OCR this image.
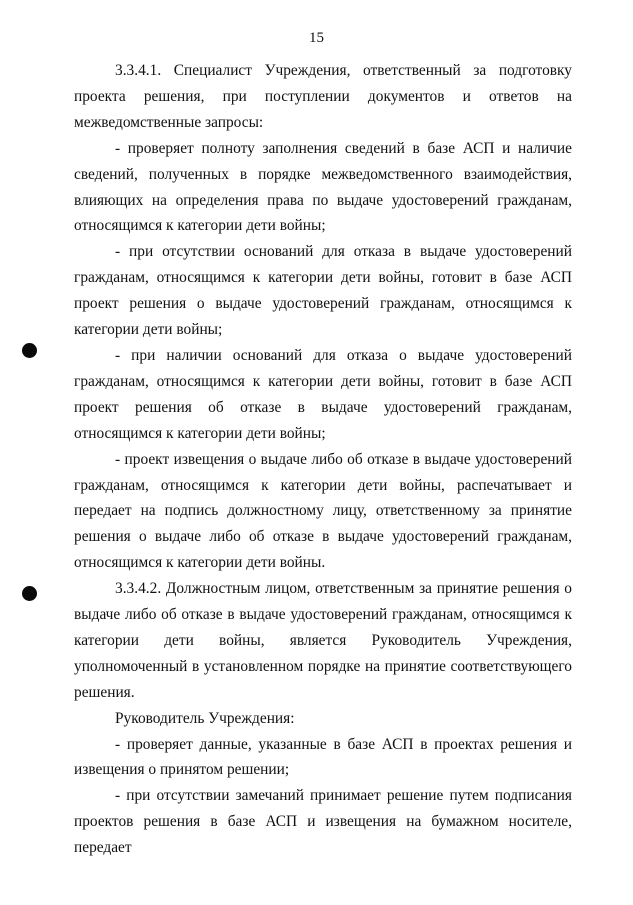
15

3.3.4.1. Специалист Учреждения, ответственный за подготовку проекта решения, при поступлении документов и ответов на межведомственные запросы:

- проверяет полноту заполнения сведений в базе АСП и наличие сведений, полученных в порядке межведомственного взаимодействия, влияющих на определения права по выдаче удостоверений гражданам, относящимся к категории дети войны;

- при отсутствии оснований для отказа в выдаче удостоверений гражданам, относящимся к категории дети войны, готовит в базе АСП проект решения о выдаче удостоверений гражданам, относящимся к категории дети войны;

- при наличии оснований для отказа о выдаче удостоверений гражданам, относящимся к категории дети войны, готовит в базе АСП проект решения об отказе в выдаче удостоверений гражданам, относящимся к категории дети войны;

- проект извещения о выдаче либо об отказе в выдаче удостоверений гражданам, относящимся к категории дети войны, распечатывает и передает на подпись должностному лицу, ответственному за принятие решения о выдаче либо об отказе в выдаче удостоверений гражданам, относящимся к категории дети войны.

3.3.4.2. Должностным лицом, ответственным за принятие решения о выдаче либо об отказе в выдаче удостоверений гражданам, относящимся к категории дети войны, является Руководитель Учреждения, уполномоченный в установленном порядке на принятие соответствующего решения.

Руководитель Учреждения:

- проверяет данные, указанные в базе АСП в проектах решения и извещения о принятом решении;

- при отсутствии замечаний принимает решение путем подписания проектов решения в базе АСП и извещения на бумажном носителе, передает
